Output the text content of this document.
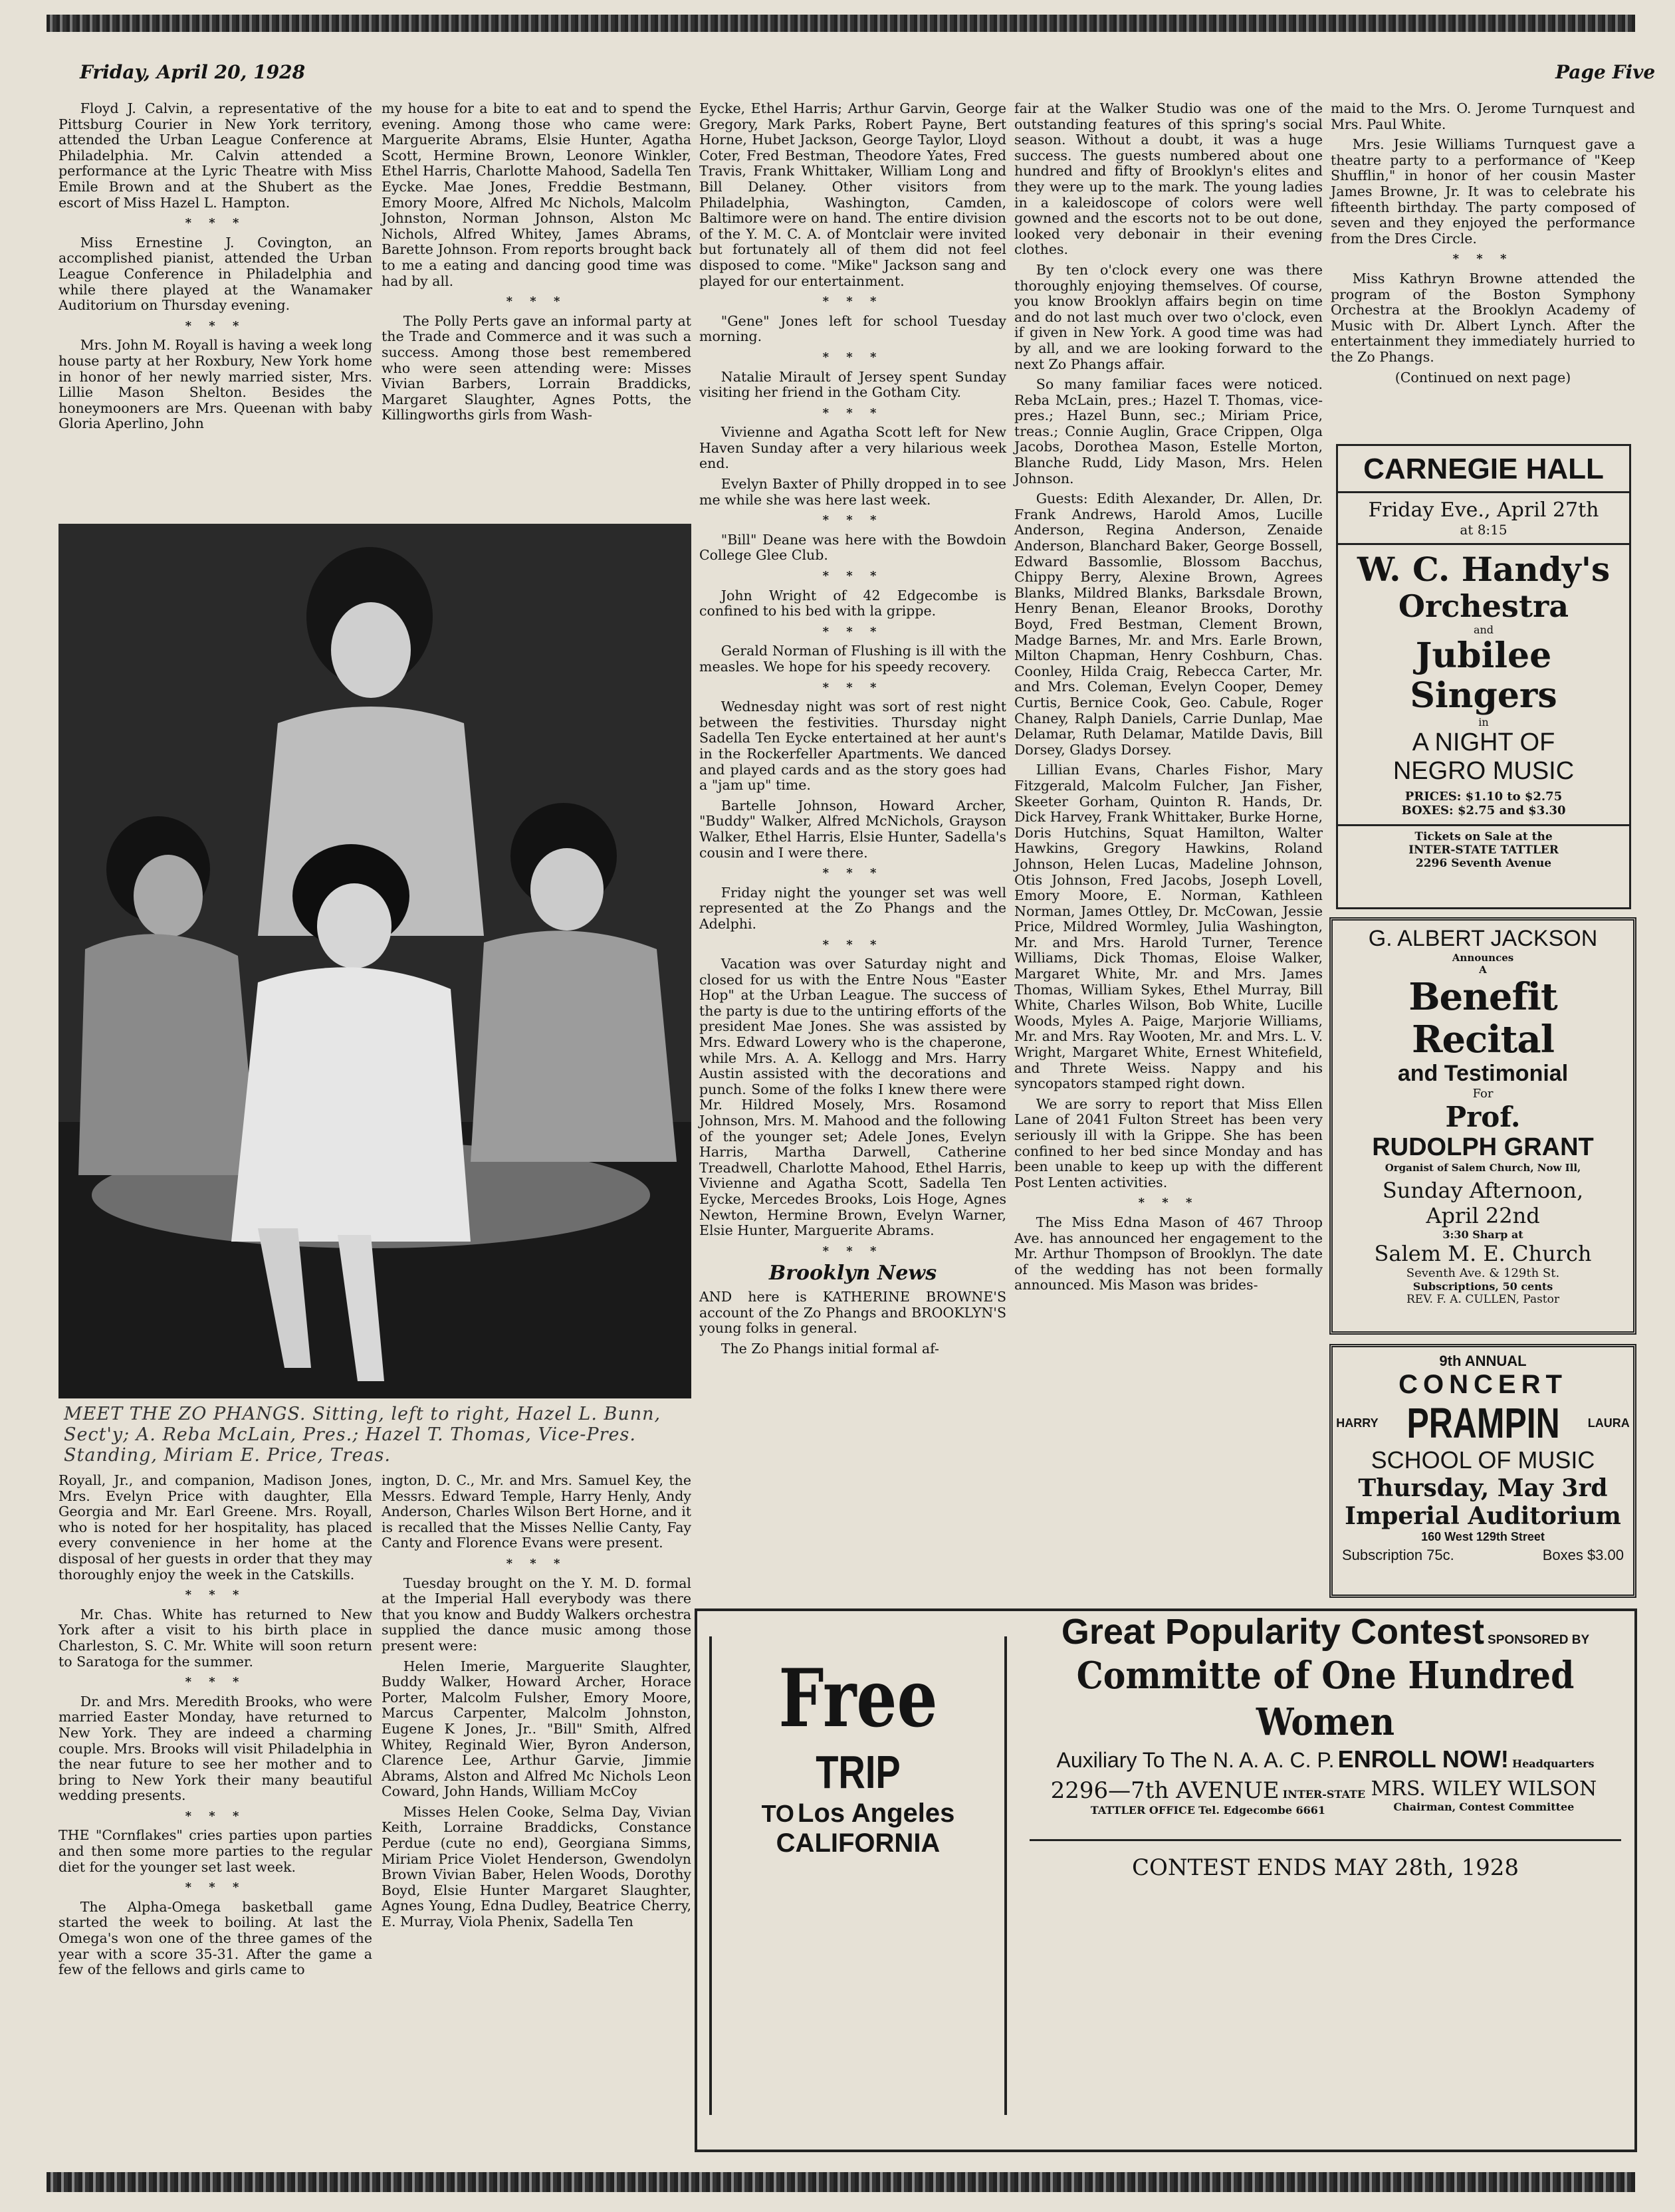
Friday, April 20, 1928	Page Five

Floyd J. Calvin, a representative of the Pittsburg Courier in New York territory, attended the Urban League Conference at Philadelphia. Mr. Calvin attended a performance at the Lyric Theatre with Miss Emile Brown and at the Shubert as the escort of Miss Hazel L. Hampton.

* * *

Miss Ernestine J. Covington, an accomplished pianist, attended the Urban League Conference in Philadelphia and while there played at the Wanamaker Auditorium on Thursday evening.

* * *

Mrs. John M. Royall is having a week long house party at her Roxbury, New York home in honor of her newly married sister, Mrs. Lillie Mason Shelton. Besides the honeymooners are Mrs. Queenan with baby Gloria Aperlino, John

my house for a bite to eat and to spend the evening. Among those who came were: Marguerite Abrams, Elsie Hunter, Agatha Scott, Hermine Brown, Leonore Winkler, Ethel Harris, Charlotte Mahood, Sadella Ten Eycke. Mae Jones, Freddie Bestmann, Emory Moore, Alfred Mc Nichols, Malcolm Johnston, Norman Johnson, Alston Mc Nichols, Alfred Whitey, James Abrams, Barette Johnson. From reports brought back to me a eating and dancing good time was had by all.

* * *

The Polly Perts gave an informal party at the Trade and Commerce and it was such a success. Among those best remembered who were seen attending were: Misses Vivian Barbers, Lorrain Braddicks, Margaret Slaughter, Agnes Potts, the Killingworths girls from Wash-

MEET THE ZO PHANGS. Sitting, left to right, Hazel L. Bunn, Sect'y; A. Reba McLain, Pres.; Hazel T. Thomas, Vice-Pres. Standing, Miriam E. Price, Treas.

Royall, Jr., and companion, Madison Jones, Mrs. Evelyn Price with daughter, Ella Georgia and Mr. Earl Greene. Mrs. Royall, who is noted for her hospitality, has placed every convenience in her home at the disposal of her guests in order that they may thoroughly enjoy the week in the Catskills.

* * *

Mr. Chas. White has returned to New York after a visit to his birth place in Charleston, S. C. Mr. White will soon return to Saratoga for the summer.

* * *

Dr. and Mrs. Meredith Brooks, who were married Easter Monday, have returned to New York. They are indeed a charming couple. Mrs. Brooks will visit Philadelphia in the near future to see her mother and to bring to New York their many beautiful wedding presents.

* * *

THE "Cornflakes" cries parties upon parties and then some more parties to the regular diet for the younger set last week.

* * *

The Alpha-Omega basketball game started the week to boiling. At last the Omega's won one of the three games of the year with a score 35-31. After the game a few of the fellows and girls came to

ington, D. C., Mr. and Mrs. Samuel Key, the Messrs. Edward Temple, Harry Henly, Andy Anderson, Charles Wilson Bert Horne, and it is recalled that the Misses Nellie Canty, Fay Canty and Florence Evans were present.

* * *

Tuesday brought on the Y. M. D. formal at the Imperial Hall everybody was there that you know and Buddy Walkers orchestra supplied the dance music among those present were:

Helen Imerie, Marguerite Slaughter, Buddy Walker, Howard Archer, Horace Porter, Malcolm Fulsher, Emory Moore, Marcus Carpenter, Malcolm Johnston, Eugene K Jones, Jr.. "Bill" Smith, Alfred Whitey, Reginald Wier, Byron Anderson, Clarence Lee, Arthur Garvie, Jimmie Abrams, Alston and Alfred Mc Nichols Leon Coward, John Hands, William McCoy

Misses Helen Cooke, Selma Day, Vivian Keith, Lorraine Braddicks, Constance Perdue (cute no end), Georgiana Simms, Miriam Price Violet Henderson, Gwendolyn Brown Vivian Baber, Helen Woods, Dorothy Boyd, Elsie Hunter Margaret Slaughter, Agnes Young, Edna Dudley, Beatrice Cherry, E. Murray, Viola Phenix, Sadella Ten

Eycke, Ethel Harris; Arthur Garvin, George Gregory, Mark Parks, Robert Payne, Bert Horne, Hubet Jackson, George Taylor, Lloyd Coter, Fred Bestman, Theodore Yates, Fred Travis, Frank Whittaker, William Long and Bill Delaney. Other visitors from Philadelphia, Washington, Camden, Baltimore were on hand. The entire division of the Y. M. C. A. of Montclair were invited but fortunately all of them did not feel disposed to come. "Mike" Jackson sang and played for our entertainment.

* * *

"Gene" Jones left for school Tuesday morning.

* * *

Natalie Mirault of Jersey spent Sunday visiting her friend in the Gotham City.

* * *

Vivienne and Agatha Scott left for New Haven Sunday after a very hilarious week end.

Evelyn Baxter of Philly dropped in to see me while she was here last week.

* * *

"Bill" Deane was here with the Bowdoin College Glee Club.

* * *

John Wright of 42 Edgecombe is confined to his bed with la grippe.

* * *

Gerald Norman of Flushing is ill with the measles. We hope for his speedy recovery.

* * *

Wednesday night was sort of rest night between the festivities. Thursday night Sadella Ten Eycke entertained at her aunt's in the Rockerfeller Apartments. We danced and played cards and as the story goes had a "jam up" time.

Bartelle Johnson, Howard Archer, "Buddy" Walker, Alfred McNichols, Grayson Walker, Ethel Harris, Elsie Hunter, Sadella's cousin and I were there.

* * *

Friday night the younger set was well represented at the Zo Phangs and the Adelphi.

* * *

Vacation was over Saturday night and closed for us with the Entre Nous "Easter Hop" at the Urban League. The success of the party is due to the untiring efforts of the president Mae Jones. She was assisted by Mrs. Edward Lowery who is the chaperone, while Mrs. A. A. Kellogg and Mrs. Harry Austin assisted with the decorations and punch. Some of the folks I knew there were Mr. Hildred Mosely, Mrs. Rosamond Johnson, Mrs. M. Mahood and the following of the younger set; Adele Jones, Evelyn Harris, Martha Darwell, Catherine Treadwell, Charlotte Mahood, Ethel Harris, Vivienne and Agatha Scott, Sadella Ten Eycke, Mercedes Brooks, Lois Hoge, Agnes Newton, Hermine Brown, Evelyn Warner, Elsie Hunter, Marguerite Abrams.

* * *
Brooklyn News

AND here is KATHERINE BROWNE'S account of the Zo Phangs and BROOKLYN'S young folks in general.

The Zo Phangs initial formal af-

fair at the Walker Studio was one of the outstanding features of this spring's social season. Without a doubt, it was a huge success. The guests numbered about one hundred and fifty of Brooklyn's elites and they were up to the mark. The young ladies in a kaleidoscope of colors were well gowned and the escorts not to be out done, looked very debonair in their evening clothes.

By ten o'clock every one was there thoroughly enjoying themselves. Of course, you know Brooklyn affairs begin on time and do not last much over two o'clock, even if given in New York. A good time was had by all, and we are looking forward to the next Zo Phangs affair.

So many familiar faces were noticed. Reba McLain, pres.; Hazel T. Thomas, vice-pres.; Hazel Bunn, sec.; Miriam Price, treas.; Connie Auglin, Grace Crippen, Olga Jacobs, Dorothea Mason, Estelle Morton, Blanche Rudd, Lidy Mason, Mrs. Helen Johnson.

Guests: Edith Alexander, Dr. Allen, Dr. Frank Andrews, Harold Amos, Lucille Anderson, Regina Anderson, Zenaide Anderson, Blanchard Baker, George Bossell, Edward Bassomlie, Blossom Bacchus, Chippy Berry, Alexine Brown, Agrees Blanks, Mildred Blanks, Barksdale Brown, Henry Benan, Eleanor Brooks, Dorothy Boyd, Fred Bestman, Clement Brown, Madge Barnes, Mr. and Mrs. Earle Brown, Milton Chapman, Henry Coshburn, Chas. Coonley, Hilda Craig, Rebecca Carter, Mr. and Mrs. Coleman, Evelyn Cooper, Demey Curtis, Bernice Cook, Geo. Cabule, Roger Chaney, Ralph Daniels, Carrie Dunlap, Mae Delamar, Ruth Delamar, Matilde Davis, Bill Dorsey, Gladys Dorsey.

Lillian Evans, Charles Fishor, Mary Fitzgerald, Malcolm Fulcher, Jan Fisher, Skeeter Gorham, Quinton R. Hands, Dr. Dick Harvey, Frank Whittaker, Burke Horne, Doris Hutchins, Squat Hamilton, Walter Hawkins, Gregory Hawkins, Roland Johnson, Helen Lucas, Madeline Johnson, Otis Johnson, Fred Jacobs, Joseph Lovell, Emory Moore, E. Norman, Kathleen Norman, James Ottley, Dr. McCowan, Jessie Price, Mildred Wormley, Julia Washington, Mr. and Mrs. Harold Turner, Terence Williams, Dick Thomas, Eloise Walker, Margaret White, Mr. and Mrs. James Thomas, William Sykes, Ethel Murray, Bill White, Charles Wilson, Bob White, Lucille Woods, Myles A. Paige, Marjorie Williams, Mr. and Mrs. Ray Wooten, Mr. and Mrs. L. V. Wright, Margaret White, Ernest Whitefield, and Threte Weiss. Nappy and his syncopators stamped right down.

We are sorry to report that Miss Ellen Lane of 2041 Fulton Street has been very seriously ill with la Grippe. She has been confined to her bed since Monday and has been unable to keep up with the different Post Lenten activities.

* * *

The Miss Edna Mason of 467 Throop Ave. has announced her engagement to the Mr. Arthur Thompson of Brooklyn. The date of the wedding has not been formally announced. Mis Mason was brides-

maid to the Mrs. O. Jerome Turnquest and Mrs. Paul White.

Mrs. Jesie Williams Turnquest gave a theatre party to a performance of "Keep Shufflin," in honor of her cousin Master James Browne, Jr. It was to celebrate his fifteenth birthday. The party composed of seven and they enjoyed the performance from the Dres Circle.

* * *

Miss Kathryn Browne attended the program of the Boston Symphony Orchestra at the Brooklyn Academy of Music with Dr. Albert Lynch. After the entertainment they immediately hurried to the Zo Phangs.

(Continued on next page)
CARNEGIE HALL
Friday Eve., April 27th
at 8:15
W. C. Handy's
Orchestra
and
Jubilee Singers
in
A NIGHT OF
NEGRO MUSIC
PRICES: $1.10 to $2.75
BOXES: $2.75 and $3.30
Tickets on Sale at the
INTER-STATE TATTLER
2296 Seventh Avenue
G. ALBERT JACKSON
Announces
A
Benefit Recital
and Testimonial
For
Prof.
RUDOLPH GRANT
Organist of Salem Church, Now Ill,
Sunday Afternoon,
April 22nd
3:30 Sharp at
Salem M. E. Church
Seventh Ave. & 129th St.
Subscriptions, 50 cents
REV. F. A. CULLEN, Pastor
9th ANNUAL
CONCERT
HARRY PRAMPIN LAURA
SCHOOL OF MUSIC
Thursday, May 3rd
Imperial Auditorium
160 West 129th Street
Subscription 75c.	Boxes $3.00
Free
TRIP
TO Los Angeles CALIFORNIA
Great Popularity Contest SPONSORED BY
Committe of One Hundred Women
Auxiliary To The N. A. A. C. P. ENROLL NOW! Headquarters
2296—7th AVENUE INTER-STATE TATTLER OFFICE Tel. Edgecombe 6661
MRS. WILEY WILSON Chairman, Contest Committee
CONTEST ENDS MAY 28th, 1928
